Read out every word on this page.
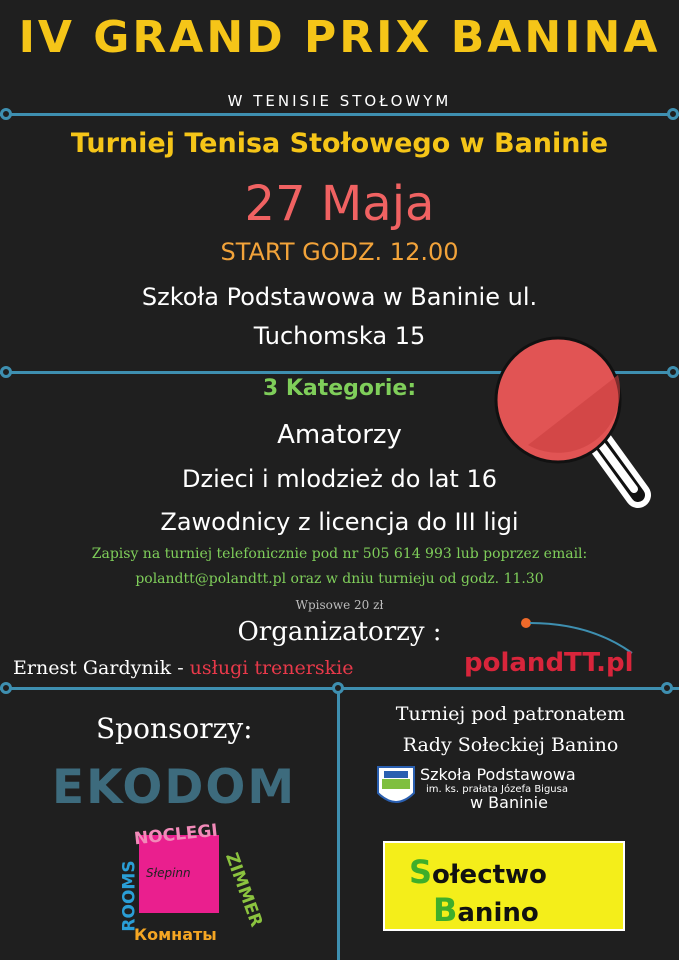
IV GRAND PRIX BANINA
W TENISIE STOŁOWYM
Turniej Tenisa Stołowego w Baninie
27 Maja
START GODZ. 12.00
Szkoła Podstawowa w Baninie ul.
Tuchomska 15
3 Kategorie:
Amatorzy
Dzieci i mlodzież do lat 16
Zawodnicy z licencja do III ligi
Zapisy na turniej telefonicznie pod nr 505 614 993 lub poprzez email:
polandtt@polandtt.pl oraz w dniu turnieju od godz. 11.30
Wpisowe 20 zł
Organizatorzy :
Ernest Gardynik - usługi trenerskie	polandTT.pl
Sponsorzy:
EKODOM
NOCLEGI
ROOMS	ZIMMER
Słepinn
Комнаты
Turniej pod patronatem
Rady Sołeckiej Banino
Szkoła Podstawowa
im. ks. prałata Józefa Bigusa
w Baninie
Sołectwo
Banino
